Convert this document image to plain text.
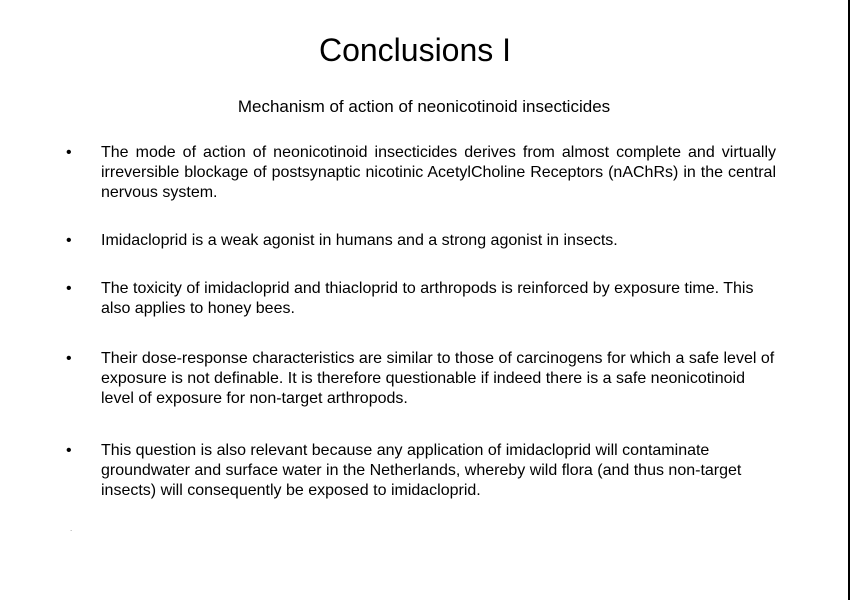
Conclusions I
Mechanism of action of neonicotinoid insecticides
•	The mode of action of neonicotinoid insecticides derives from almost complete and virtually irreversible blockage of postsynaptic nicotinic AcetylCholine Receptors (nAChRs) in the central nervous system.
•	Imidacloprid is a weak agonist in humans and a strong agonist in insects.
•	The toxicity of imidacloprid and thiacloprid to arthropods is reinforced by exposure time. This also applies to honey bees.
•	Their dose-response characteristics are similar to those of carcinogens for which a safe level of exposure is not definable. It is therefore questionable if indeed there is a safe neonicotinoid level of exposure for non-target arthropods.
•	This question is also relevant because any application of imidacloprid will contaminate groundwater and surface water in the Netherlands, whereby wild flora (and thus non-target insects) will consequently be exposed to imidacloprid.
.
